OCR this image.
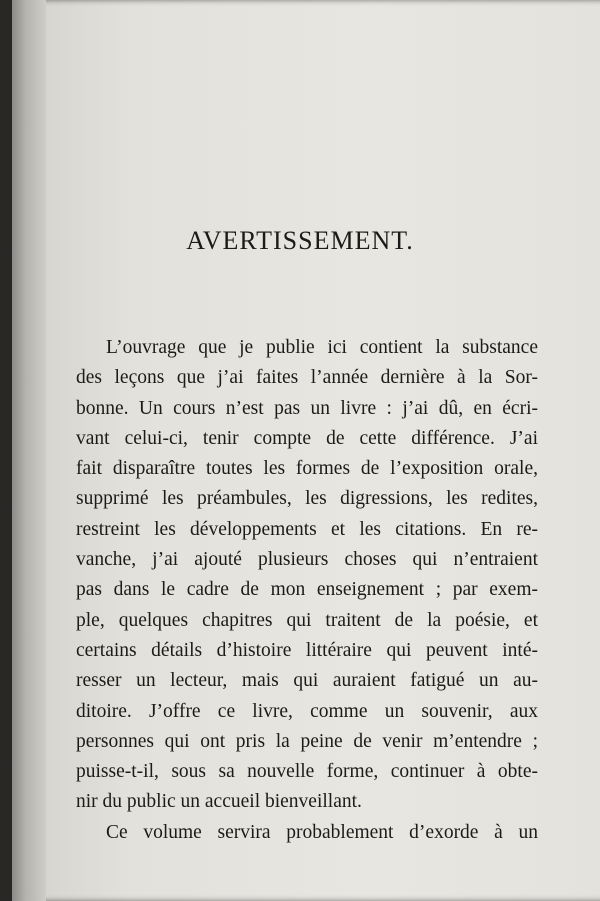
AVERTISSEMENT.
L’ouvrage que je publie ici contient la substance
des leçons que j’ai faites l’année dernière à la Sor-
bonne. Un cours n’est pas un livre : j’ai dû, en écri-
vant celui-ci, tenir compte de cette différence. J’ai
fait disparaître toutes les formes de l’exposition orale,
supprimé les préambules, les digressions, les redites,
restreint les développements et les citations. En re-
vanche, j’ai ajouté plusieurs choses qui n’entraient
pas dans le cadre de mon enseignement ; par exem-
ple, quelques chapitres qui traitent de la poésie, et
certains détails d’histoire littéraire qui peuvent inté-
resser un lecteur, mais qui auraient fatigué un au-
ditoire. J’offre ce livre, comme un souvenir, aux
personnes qui ont pris la peine de venir m’entendre ;
puisse-t-il, sous sa nouvelle forme, continuer à obte-
nir du public un accueil bienveillant.
Ce volume servira probablement d’exorde à un
